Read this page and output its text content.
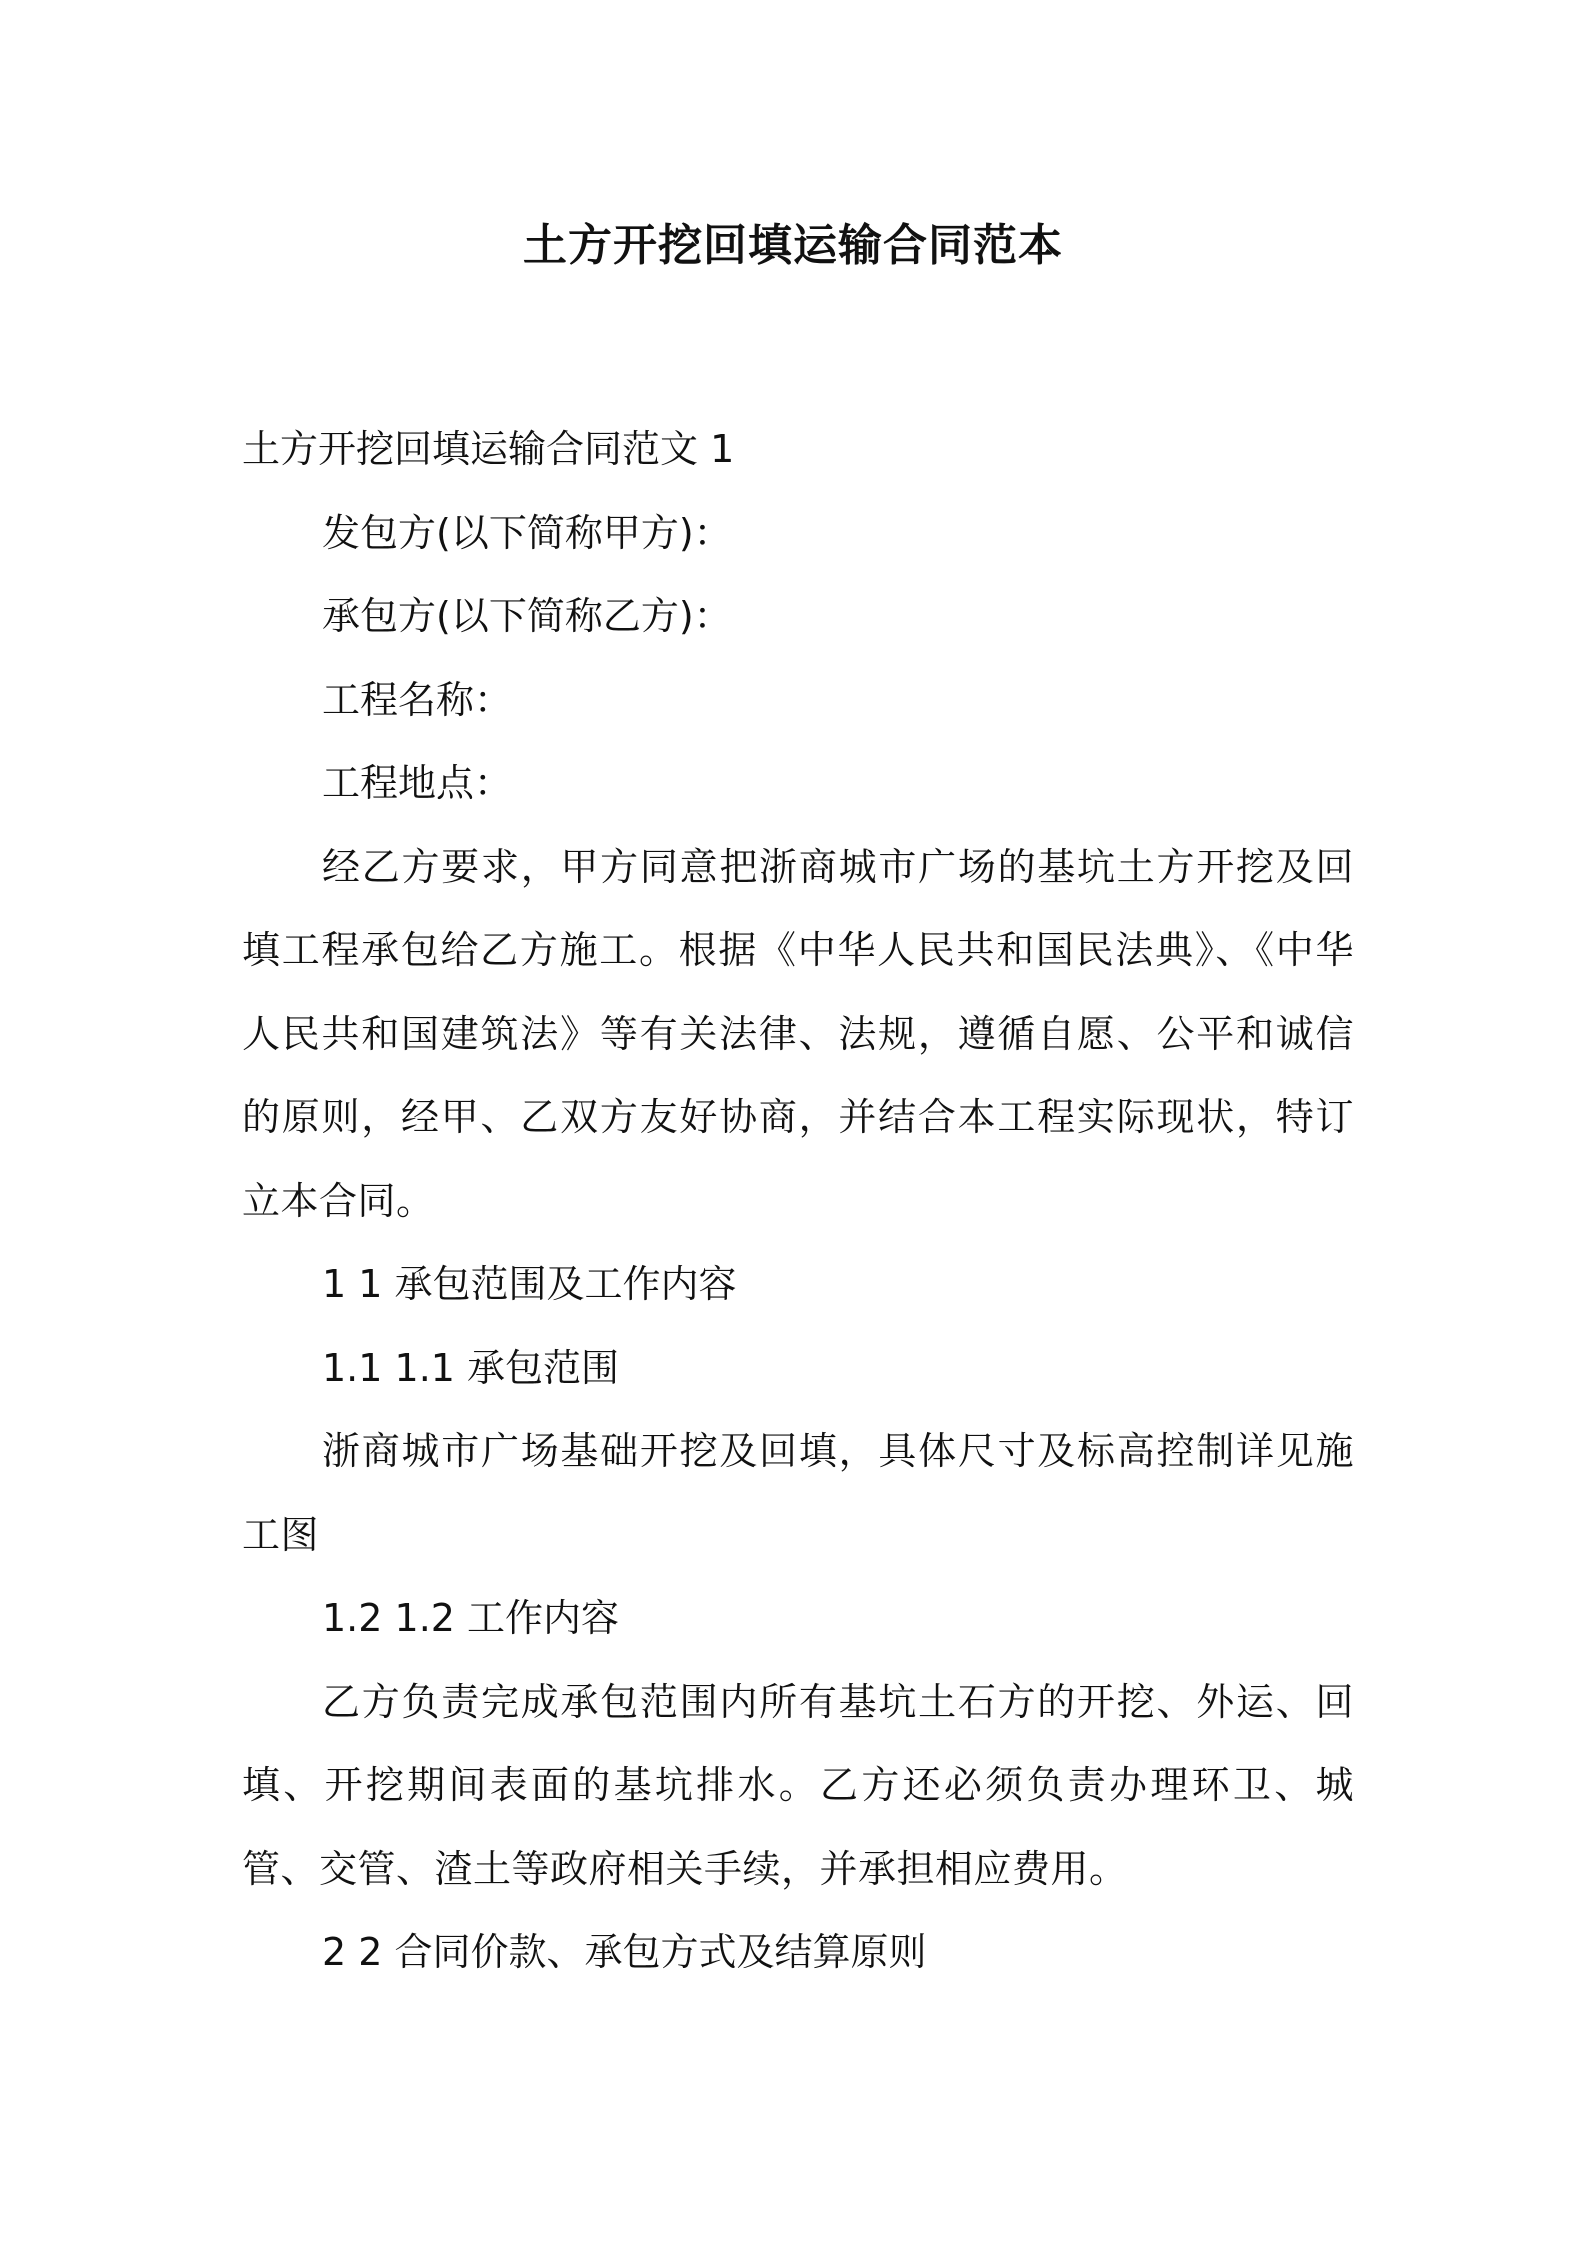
土方开挖回填运输合同范本

土方开挖回填运输合同范文 1

发包方(以下简称甲方)：

承包方(以下简称乙方)：

工程名称：

工程地点：

经乙方要求，甲方同意把浙商城市广场的基坑土方开挖及回填工程承包给乙方施工。根据《中华人民共和国民法典》、《中华人民共和国建筑法》等有关法律、法规，遵循自愿、公平和诚信的原则，经甲、乙双方友好协商，并结合本工程实际现状，特订立本合同。

1 1 承包范围及工作内容

1.1 1.1 承包范围

浙商城市广场基础开挖及回填，具体尺寸及标高控制详见施工图

1.2 1.2 工作内容

乙方负责完成承包范围内所有基坑土石方的开挖、外运、回填、开挖期间表面的基坑排水。乙方还必须负责办理环卫、城管、交管、渣土等政府相关手续，并承担相应费用。

2 2 合同价款、承包方式及结算原则
